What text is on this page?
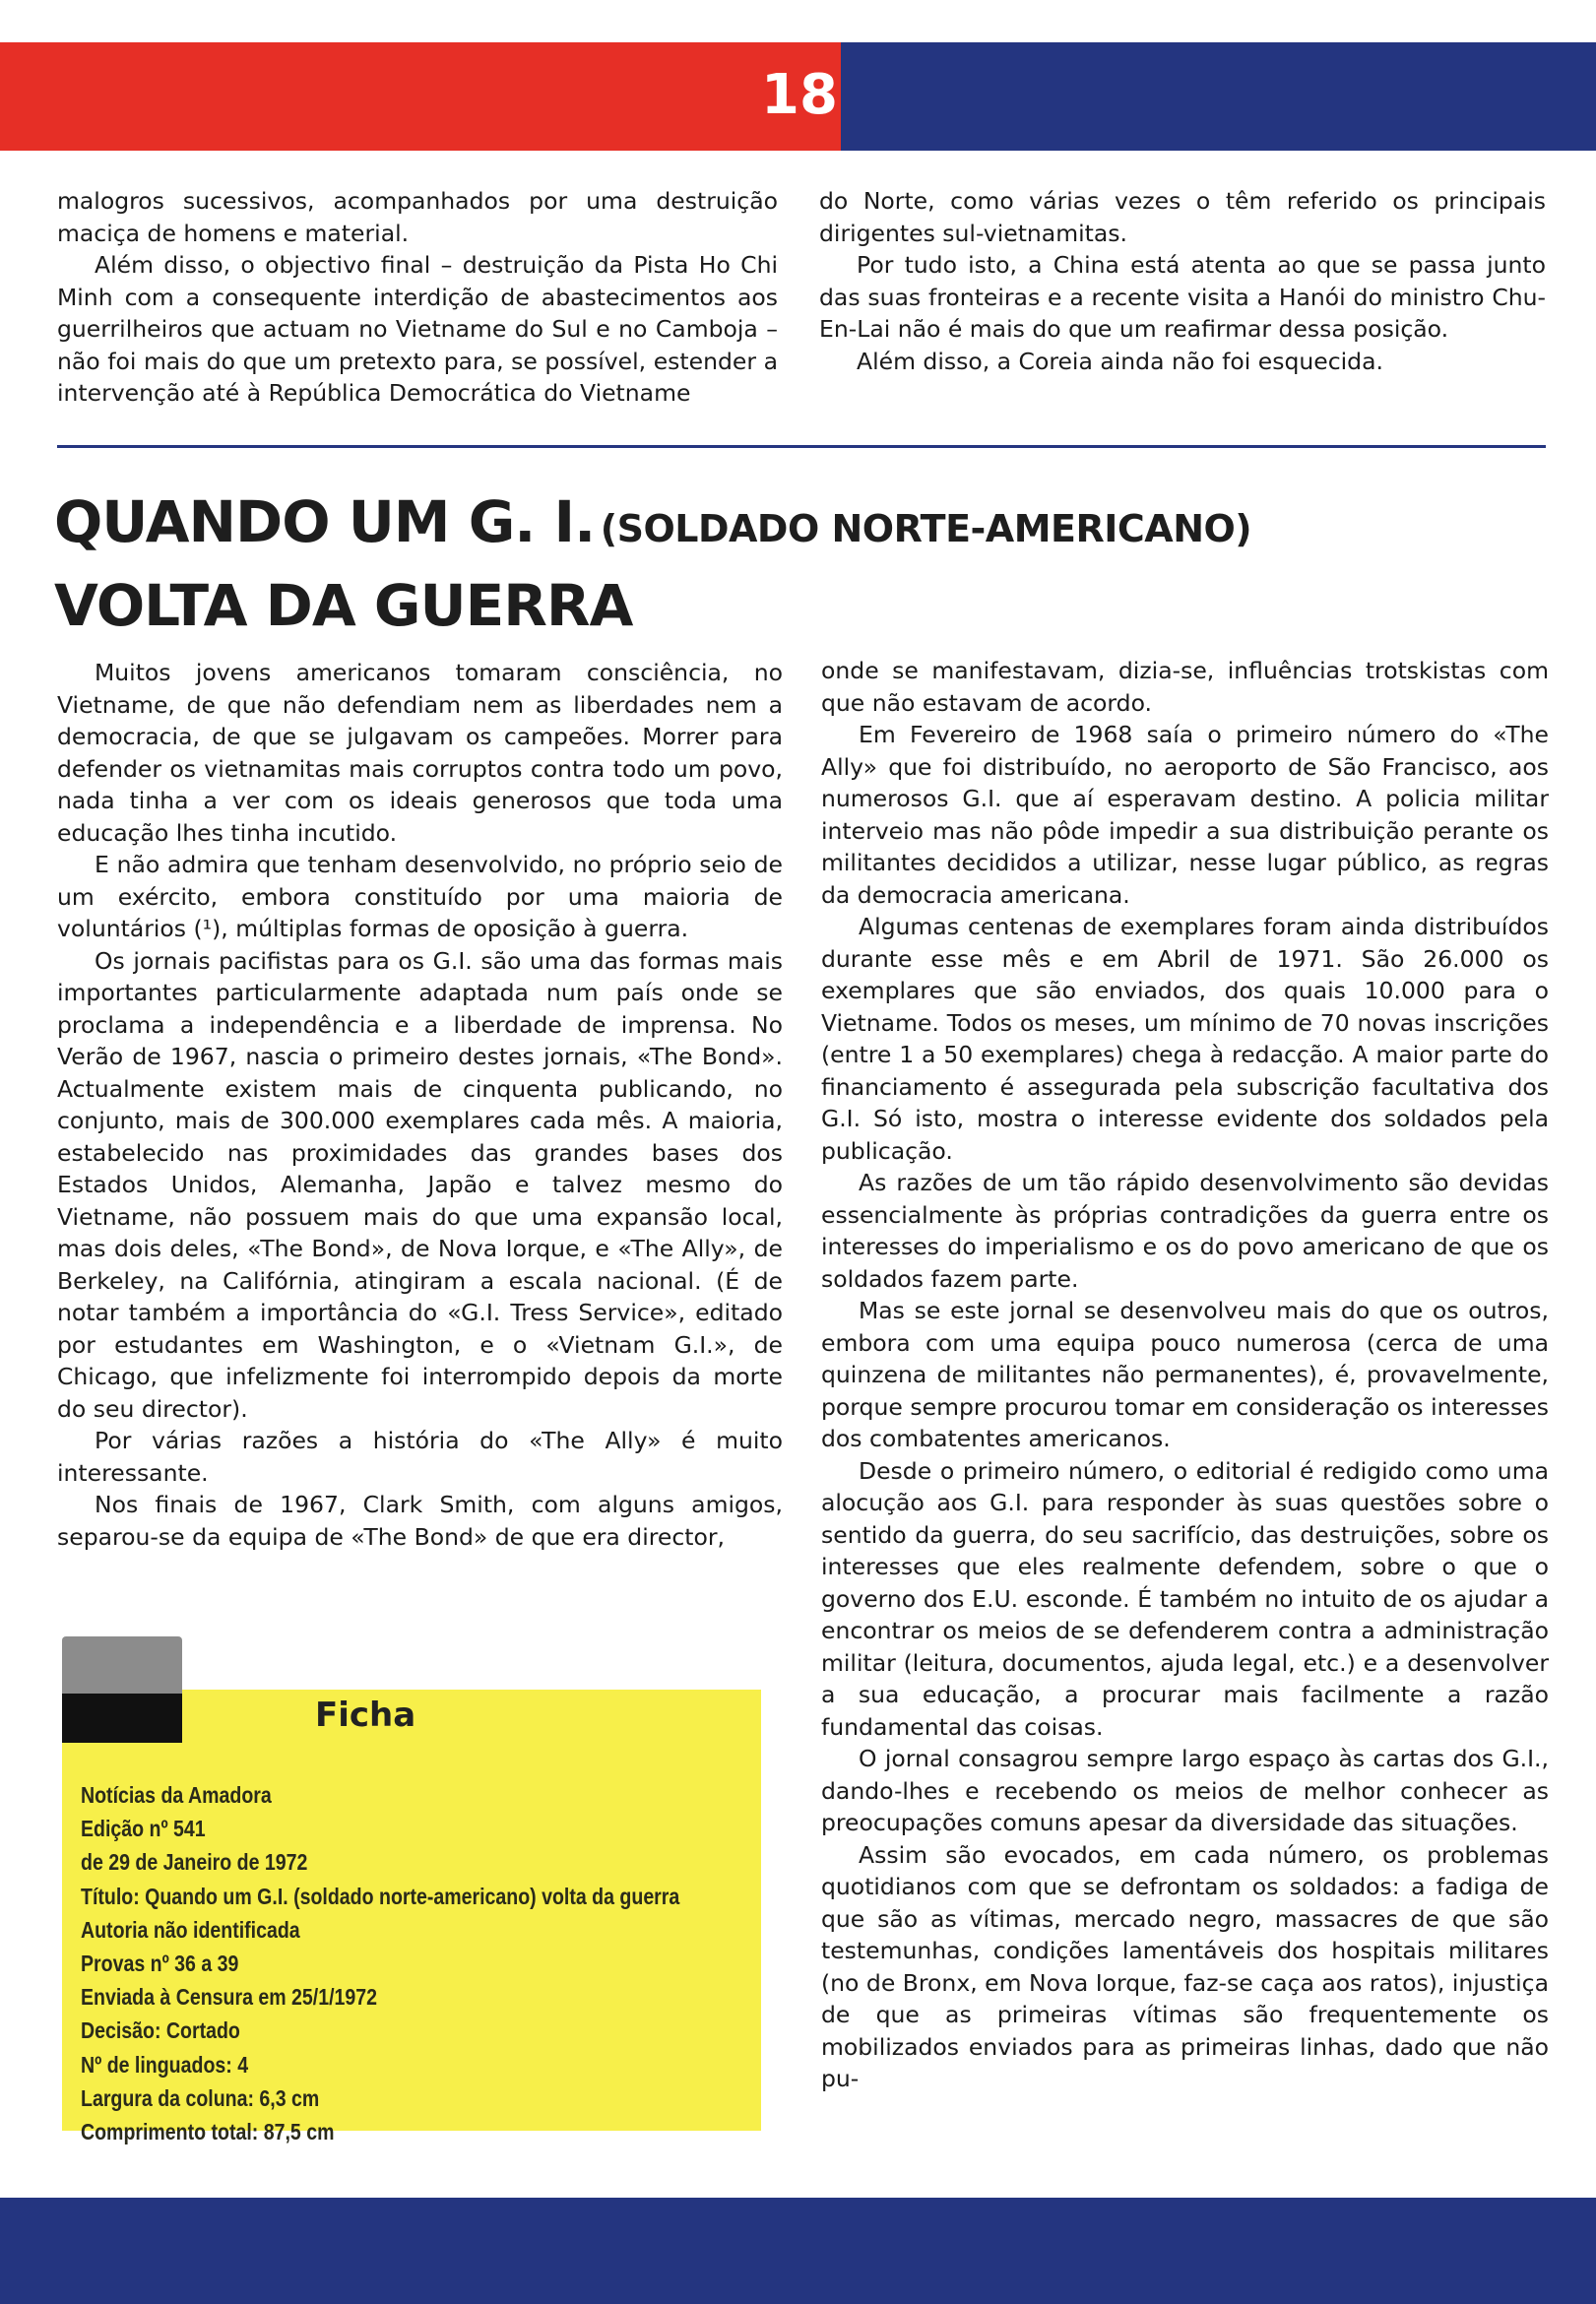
18

malogros sucessivos, acompanhados por uma destruição maciça de homens e material.

Além disso, o objectivo final – destruição da Pista Ho Chi Minh com a consequente interdição de abastecimentos aos guerrilheiros que actuam no Vietname do Sul e no Camboja – não foi mais do que um pretexto para, se possível, estender a intervenção até à República Democrática do Vietname

do Norte, como várias vezes o têm referido os principais dirigentes sul-vietnamitas.

Por tudo isto, a China está atenta ao que se passa junto das suas fronteiras e a recente visita a Hanói do ministro Chu-En-Lai não é mais do que um reafirmar dessa posição.

Além disso, a Coreia ainda não foi esquecida.

QUANDO UM G. I. (SOLDADO NORTE-AMERICANO)
VOLTA DA GUERRA

Muitos jovens americanos tomaram consciência, no Vietname, de que não defendiam nem as liberdades nem a democracia, de que se julgavam os campeões. Morrer para defender os vietnamitas mais corruptos contra todo um povo, nada tinha a ver com os ideais generosos que toda uma educação lhes tinha incutido.

E não admira que tenham desenvolvido, no próprio seio de um exército, embora constituído por uma maioria de voluntários (¹), múltiplas formas de oposição à guerra.

Os jornais pacifistas para os G.I. são uma das formas mais importantes particularmente adaptada num país onde se proclama a independência e a liberdade de imprensa. No Verão de 1967, nascia o primeiro destes jornais, «The Bond». Actualmente existem mais de cinquenta publicando, no conjunto, mais de 300.000 exemplares cada mês. A maioria, estabelecido nas proximidades das grandes bases dos Estados Unidos, Alemanha, Japão e talvez mesmo do Vietname, não possuem mais do que uma expansão local, mas dois deles, «The Bond», de Nova Iorque, e «The Ally», de Berkeley, na Califórnia, atingiram a escala nacional. (É de notar também a importância do «G.I. Tress Service», editado por estudantes em Washington, e o «Vietnam G.I.», de Chicago, que infelizmente foi interrompido depois da morte do seu director).

Por várias razões a história do «The Ally» é muito interessante.

Nos finais de 1967, Clark Smith, com alguns amigos, separou-se da equipa de «The Bond» de que era director,

onde se manifestavam, dizia-se, influências trotskistas com que não estavam de acordo.

Em Fevereiro de 1968 saía o primeiro número do «The Ally» que foi distribuído, no aeroporto de São Francisco, aos numerosos G.I. que aí esperavam destino. A policia militar interveio mas não pôde impedir a sua distribuição perante os militantes decididos a utilizar, nesse lugar público, as regras da democracia americana.

Algumas centenas de exemplares foram ainda distribuídos durante esse mês e em Abril de 1971. São 26.000 os exemplares que são enviados, dos quais 10.000 para o Vietname. Todos os meses, um mínimo de 70 novas inscrições (entre 1 a 50 exemplares) chega à redacção. A maior parte do financiamento é assegurada pela subscrição facultativa dos G.I. Só isto, mostra o interesse evidente dos soldados pela publicação.

As razões de um tão rápido desenvolvimento são devidas essencialmente às próprias contradições da guerra entre os interesses do imperialismo e os do povo americano de que os soldados fazem parte.

Mas se este jornal se desenvolveu mais do que os outros, embora com uma equipa pouco numerosa (cerca de uma quinzena de militantes não permanentes), é, provavelmente, porque sempre procurou tomar em consideração os interesses dos combatentes americanos.

Desde o primeiro número, o editorial é redigido como uma alocução aos G.I. para responder às suas questões sobre o sentido da guerra, do seu sacrifício, das destruições, sobre os interesses que eles realmente defendem, sobre o que o governo dos E.U. esconde. É também no intuito de os ajudar a encontrar os meios de se defenderem contra a administração militar (leitura, documentos, ajuda legal, etc.) e a desenvolver a sua educação, a procurar mais facilmente a razão fundamental das coisas.

O jornal consagrou sempre largo espaço às cartas dos G.I., dando-lhes e recebendo os meios de melhor conhecer as preocupações comuns apesar da diversidade das situações.

Assim são evocados, em cada número, os problemas quotidianos com que se defrontam os soldados: a fadiga de que são as vítimas, mercado negro, massacres de que são testemunhas, condições lamentáveis dos hospitais militares (no de Bronx, em Nova Iorque, faz-se caça aos ratos), injustiça de que as primeiras vítimas são frequentemente os mobilizados enviados para as primeiras linhas, dado que não pu-

Ficha
Notícias da Amadora
Edição nº 541
de 29 de Janeiro de 1972
Título: Quando um G.I. (soldado norte-americano) volta da guerra
Autoria não identificada
Provas nº 36 a 39
Enviada à Censura em 25/1/1972
Decisão: Cortado
Nº de linguados: 4
Largura da coluna: 6,3 cm
Comprimento total: 87,5 cm
